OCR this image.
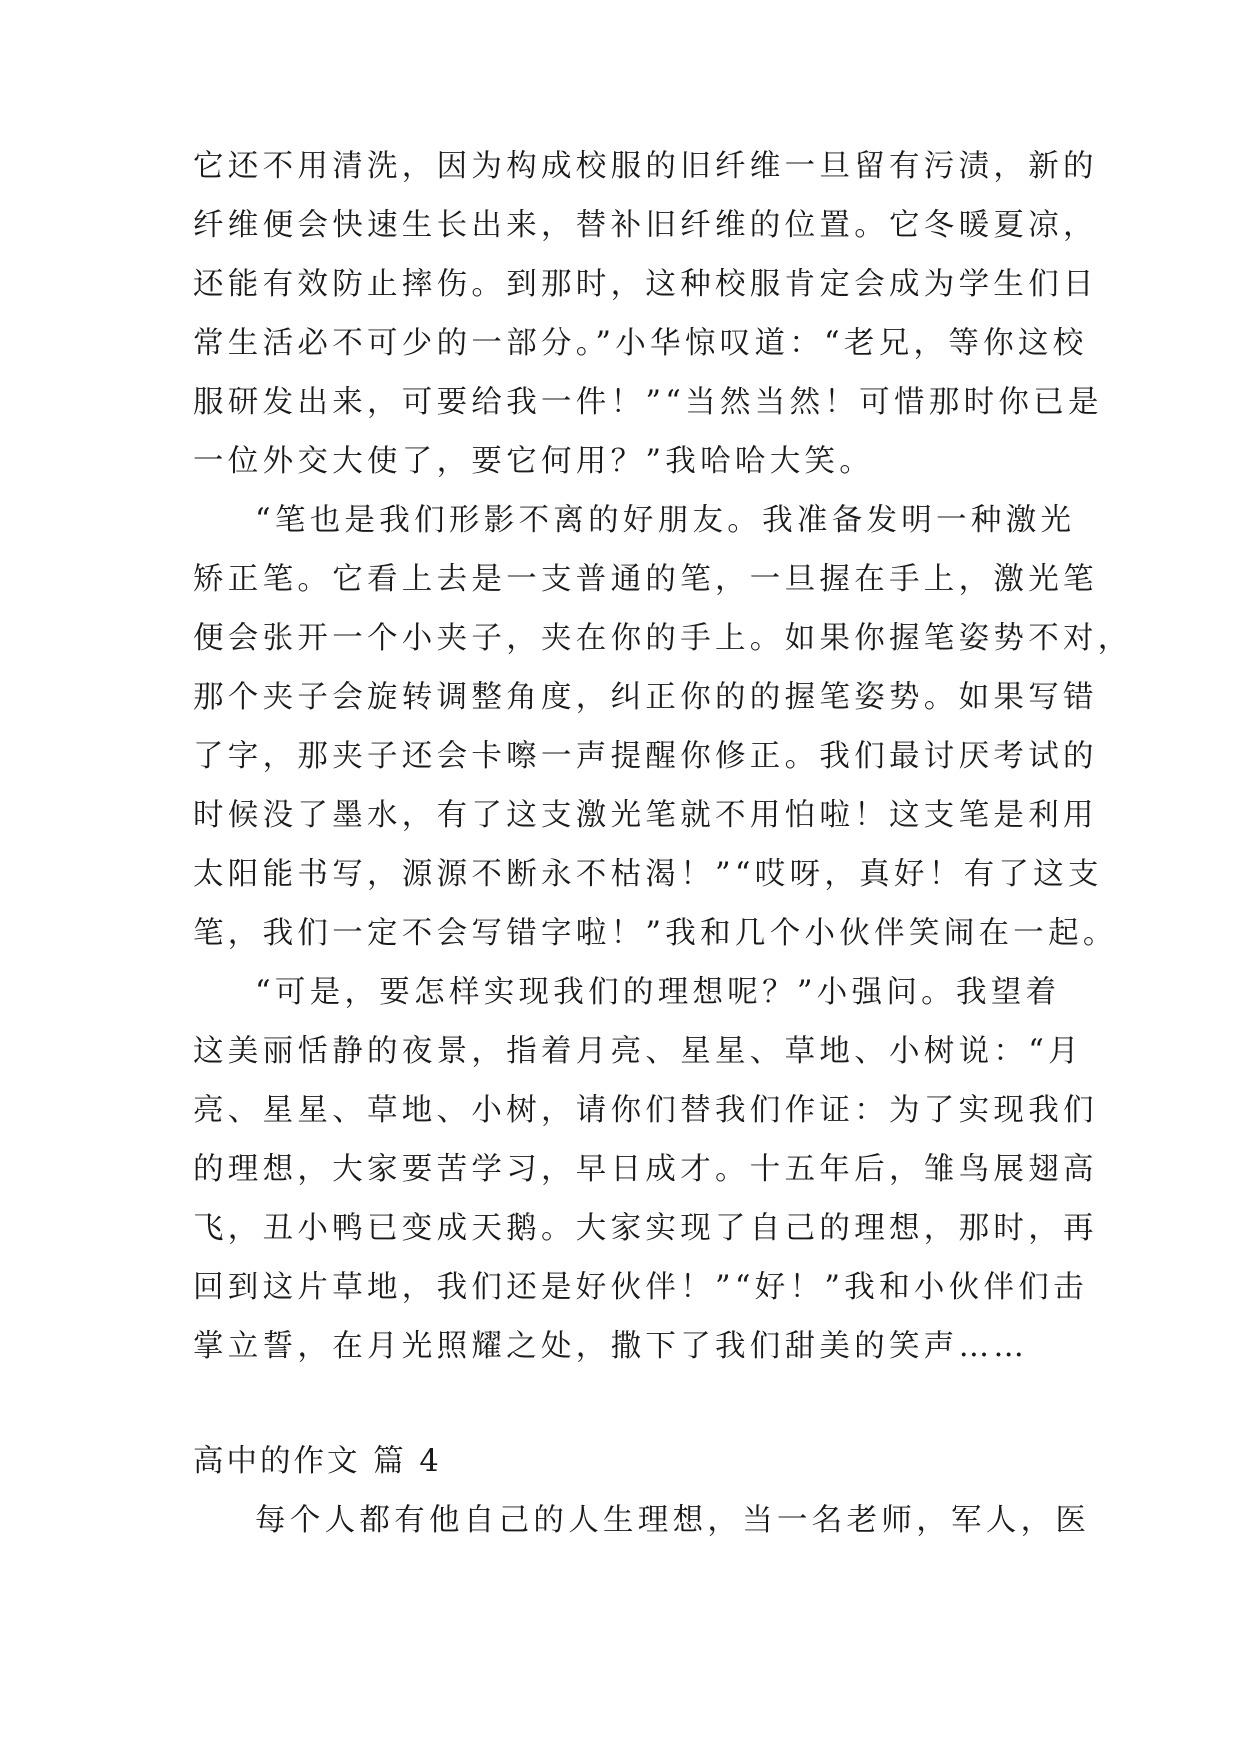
它还不用清洗，因为构成校服的旧纤维一旦留有污渍，新的
纤维便会快速生长出来，替补旧纤维的位置。它冬暖夏凉，
还能有效防止摔伤。到那时，这种校服肯定会成为学生们日
常生活必不可少的一部分。”小华惊叹道：“老兄，等你这校
服研发出来，可要给我一件！”“当然当然！可惜那时你已是
一位外交大使了，要它何用？”我哈哈大笑。
“笔也是我们形影不离的好朋友。我准备发明一种激光
矫正笔。它看上去是一支普通的笔，一旦握在手上，激光笔
便会张开一个小夹子，夹在你的手上。如果你握笔姿势不对，
那个夹子会旋转调整角度，纠正你的的握笔姿势。如果写错
了字，那夹子还会卡嚓一声提醒你修正。我们最讨厌考试的
时候没了墨水，有了这支激光笔就不用怕啦！这支笔是利用
太阳能书写，源源不断永不枯渴！”“哎呀，真好！有了这支
笔，我们一定不会写错字啦！”我和几个小伙伴笑闹在一起。
“可是，要怎样实现我们的理想呢？”小强问。我望着
这美丽恬静的夜景，指着月亮、星星、草地、小树说：“月
亮、星星、草地、小树，请你们替我们作证：为了实现我们
的理想，大家要苦学习，早日成才。十五年后，雏鸟展翅高
飞，丑小鸭已变成天鹅。大家实现了自己的理想，那时，再
回到这片草地，我们还是好伙伴！”“好！”我和小伙伴们击
掌立誓，在月光照耀之处，撒下了我们甜美的笑声……
高中的作文 篇 4
每个人都有他自己的人生理想，当一名老师，军人，医
